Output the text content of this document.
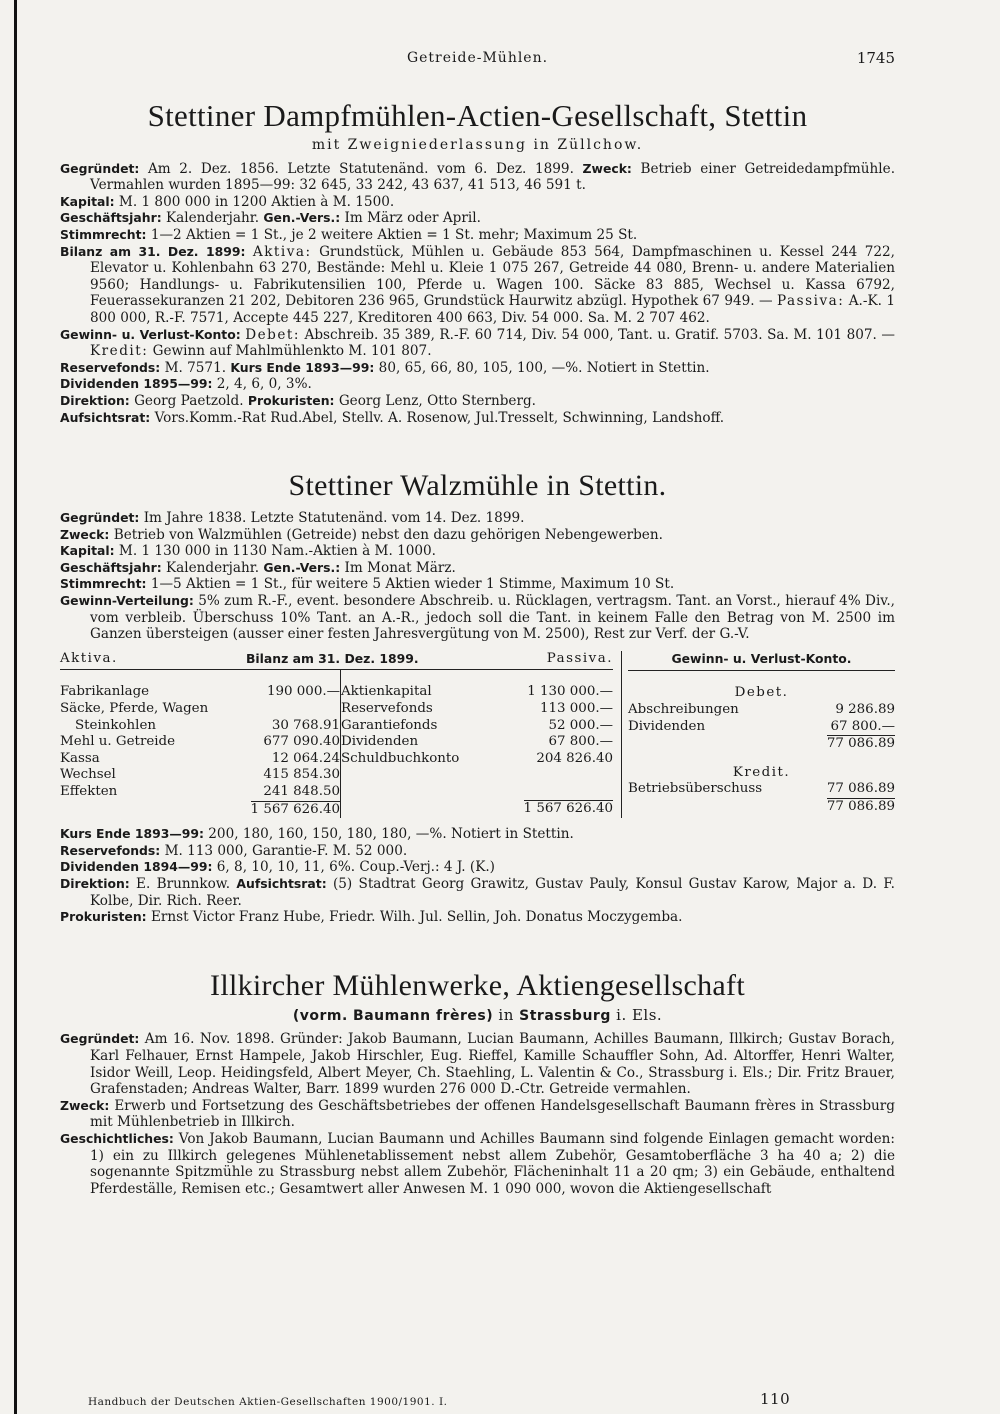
Getreide-Mühlen.	1745
Stettiner Dampfmühlen-Actien-Gesellschaft, Stettin
mit Zweigniederlassung in Züllchow.

Gegründet: Am 2. Dez. 1856. Letzte Statutenänd. vom 6. Dez. 1899. Zweck: Betrieb einer Getreidedampfmühle. Vermahlen wurden 1895—99: 32 645, 33 242, 43 637, 41 513, 46 591 t.

Kapital: M. 1 800 000 in 1200 Aktien à M. 1500.

Geschäftsjahr: Kalenderjahr. Gen.-Vers.: Im März oder April.

Stimmrecht: 1—2 Aktien = 1 St., je 2 weitere Aktien = 1 St. mehr; Maximum 25 St.

Bilanz am 31. Dez. 1899: Aktiva: Grundstück, Mühlen u. Gebäude 853 564, Dampfmaschinen u. Kessel 244 722, Elevator u. Kohlenbahn 63 270, Bestände: Mehl u. Kleie 1 075 267, Getreide 44 080, Brenn- u. andere Materialien 9560; Handlungs- u. Fabrikutensilien 100, Pferde u. Wagen 100. Säcke 83 885, Wechsel u. Kassa 6792, Feuerassekuranzen 21 202, Debitoren 236 965, Grundstück Haurwitz abzügl. Hypothek 67 949. — Passiva: A.-K. 1 800 000, R.-F. 7571, Accepte 445 227, Kreditoren 400 663, Div. 54 000. Sa. M. 2 707 462.

Gewinn- u. Verlust-Konto: Debet: Abschreib. 35 389, R.-F. 60 714, Div. 54 000, Tant. u. Gratif. 5703. Sa. M. 101 807. — Kredit: Gewinn auf Mahlmühlenkto M. 101 807.

Reservefonds: M. 7571. Kurs Ende 1893—99: 80, 65, 66, 80, 105, 100, —%. Notiert in Stettin.

Dividenden 1895—99: 2, 4, 6, 0, 3%.

Direktion: Georg Paetzold. Prokuristen: Georg Lenz, Otto Sternberg.

Aufsichtsrat: Vors.Komm.-Rat Rud.Abel, Stellv. A. Rosenow, Jul.Tresselt, Schwinning, Landshoff.

Stettiner Walzmühle in Stettin.

Gegründet: Im Jahre 1838. Letzte Statutenänd. vom 14. Dez. 1899.

Zweck: Betrieb von Walzmühlen (Getreide) nebst den dazu gehörigen Nebengewerben.

Kapital: M. 1 130 000 in 1130 Nam.-Aktien à M. 1000.

Geschäftsjahr: Kalenderjahr. Gen.-Vers.: Im Monat März.

Stimmrecht: 1—5 Aktien = 1 St., für weitere 5 Aktien wieder 1 Stimme, Maximum 10 St.

Gewinn-Verteilung: 5% zum R.-F., event. besondere Abschreib. u. Rücklagen, vertragsm. Tant. an Vorst., hierauf 4% Div., vom verbleib. Überschuss 10% Tant. an A.-R., jedoch soll die Tant. in keinem Falle den Betrag von M. 2500 im Ganzen übersteigen (ausser einer festen Jahresvergütung von M. 2500), Rest zur Verf. der G.-V.

Aktiva.	Bilanz am 31. Dez. 1899.	Passiva.
Fabrikanlage	190 000.—
Säcke, Pferde, Wagen
Steinkohlen	30 768.91
Mehl u. Getreide	677 090.40
Kassa	12 064.24
Wechsel	415 854.30
Effekten	241 848.50
1 567 626.40
Aktienkapital	1 130 000.—
Reservefonds	113 000.—
Garantiefonds	52 000.—
Dividenden	67 800.—
Schuldbuchkonto	204 826.40
1 567 626.40
Gewinn- u. Verlust-Konto.
Debet.
Abschreibungen	9 286.89
Dividenden	67 800.—
77 086.89
Kredit.
Betriebsüberschuss	77 086.89
77 086.89

Kurs Ende 1893—99: 200, 180, 160, 150, 180, 180, —%. Notiert in Stettin.

Reservefonds: M. 113 000, Garantie-F. M. 52 000.

Dividenden 1894—99: 6, 8, 10, 10, 11, 6%. Coup.-Verj.: 4 J. (K.)

Direktion: E. Brunnkow. Aufsichtsrat: (5) Stadtrat Georg Grawitz, Gustav Pauly, Konsul Gustav Karow, Major a. D. F. Kolbe, Dir. Rich. Reer.

Prokuristen: Ernst Victor Franz Hube, Friedr. Wilh. Jul. Sellin, Joh. Donatus Moczygemba.

Illkircher Mühlenwerke, Aktiengesellschaft
(vorm. Baumann frères) in Strassburg i. Els.

Gegründet: Am 16. Nov. 1898. Gründer: Jakob Baumann, Lucian Baumann, Achilles Baumann, Illkirch; Gustav Borach, Karl Felhauer, Ernst Hampele, Jakob Hirschler, Eug. Rieffel, Kamille Schauffler Sohn, Ad. Altorffer, Henri Walter, Isidor Weill, Leop. Heidingsfeld, Albert Meyer, Ch. Staehling, L. Valentin & Co., Strassburg i. Els.; Dir. Fritz Brauer, Grafenstaden; Andreas Walter, Barr. 1899 wurden 276 000 D.-Ctr. Getreide vermahlen.

Zweck: Erwerb und Fortsetzung des Geschäftsbetriebes der offenen Handelsgesellschaft Baumann frères in Strassburg mit Mühlenbetrieb in Illkirch.

Geschichtliches: Von Jakob Baumann, Lucian Baumann und Achilles Baumann sind folgende Einlagen gemacht worden: 1) ein zu Illkirch gelegenes Mühlenetablissement nebst allem Zubehör, Gesamtoberfläche 3 ha 40 a; 2) die sogenannte Spitzmühle zu Strassburg nebst allem Zubehör, Flächeninhalt 11 a 20 qm; 3) ein Gebäude, enthaltend Pferdeställe, Remisen etc.; Gesamtwert aller Anwesen M. 1 090 000, wovon die Aktiengesellschaft

Handbuch der Deutschen Aktien-Gesellschaften 1900/1901. I.	110
